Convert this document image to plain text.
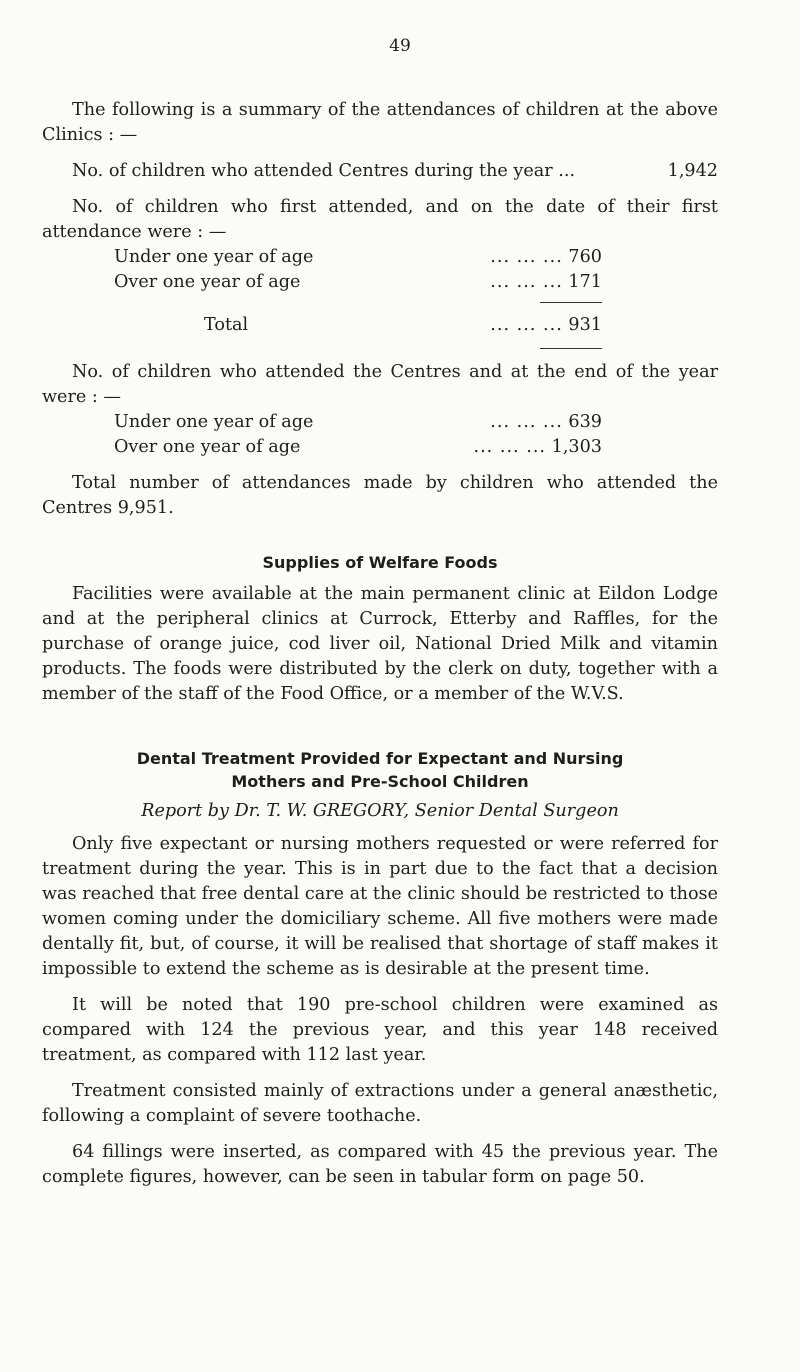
49

The following is a summary of the attendances of children at the above Clinics : —

No. of children who attended Centres during the year ...	1,942

No. of children who first attended, and on the date of their first attendance were : —

Under one year of age	... ... ... 760
Over one year of age	... ... ... 171
Total	... ... ... 931

No. of children who attended the Centres and at the end of the year were : —

Under one year of age	... ... ... 639
Over one year of age	... ... ... 1,303

Total number of attendances made by children who attended the Centres 9,951.

Supplies of Welfare Foods

Facilities were available at the main permanent clinic at Eildon Lodge and at the peripheral clinics at Currock, Etterby and Raffles, for the purchase of orange juice, cod liver oil, National Dried Milk and vitamin products. The foods were distributed by the clerk on duty, together with a member of the staff of the Food Office, or a member of the W.V.S.

Dental Treatment Provided for Expectant and Nursing
Mothers and Pre-School Children
Report by Dr. T. W. GREGORY, Senior Dental Surgeon

Only five expectant or nursing mothers requested or were referred for treatment during the year. This is in part due to the fact that a decision was reached that free dental care at the clinic should be restricted to those women coming under the domiciliary scheme. All five mothers were made dentally fit, but, of course, it will be realised that shortage of staff makes it impossible to extend the scheme as is desirable at the present time.

It will be noted that 190 pre-school children were examined as compared with 124 the previous year, and this year 148 received treatment, as compared with 112 last year.

Treatment consisted mainly of extractions under a general anæsthetic, following a complaint of severe toothache.

64 fillings were inserted, as compared with 45 the previous year. The complete figures, however, can be seen in tabular form on page 50.
